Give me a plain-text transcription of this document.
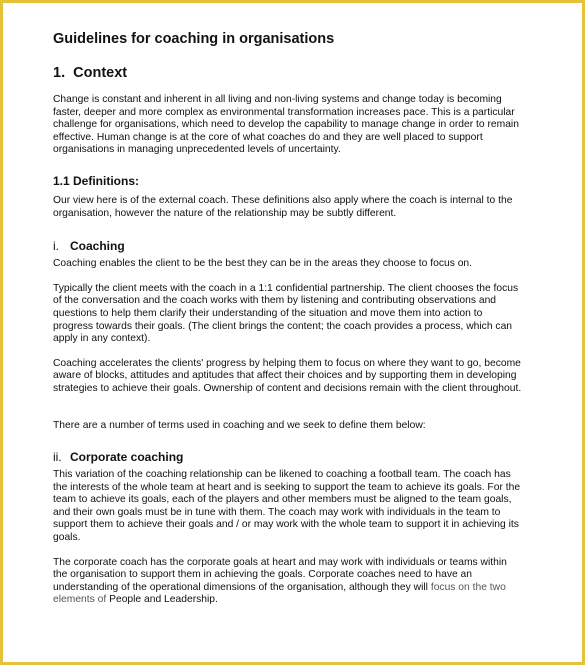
Guidelines for coaching in organisations
1. Context

Change is constant and inherent in all living and non-living systems and change today is becoming faster, deeper and more complex as environmental transformation increases pace. This is a particular challenge for organisations, which need to develop the capability to manage change in order to remain effective. Human change is at the core of what coaches do and they are well placed to support organisations in managing unprecedented levels of uncertainty.

1.1 Definitions:

Our view here is of the external coach. These definitions also apply where the coach is internal to the organisation, however the nature of the relationship may be subtly different.

i. Coaching

Coaching enables the client to be the best they can be in the areas they choose to focus on.

Typically the client meets with the coach in a 1:1 confidential partnership. The client chooses the focus of the conversation and the coach works with them by listening and contributing observations and questions to help them clarify their understanding of the situation and move them into action to progress towards their goals. (The client brings the content; the coach provides a process, which can apply in any context).

Coaching accelerates the clients' progress by helping them to focus on where they want to go, become aware of blocks, attitudes and aptitudes that affect their choices and by supporting them in developing strategies to achieve their goals. Ownership of content and decisions remain with the client throughout.

There are a number of terms used in coaching and we seek to define them below:

ii. Corporate coaching

This variation of the coaching relationship can be likened to coaching a football team. The coach has the interests of the whole team at heart and is seeking to support the team to achieve its goals. For the team to achieve its goals, each of the players and other members must be aligned to the team goals, and their own goals must be in tune with them. The coach may work with individuals in the team to support them to achieve their goals and / or may work with the whole team to support it in achieving its goals.

The corporate coach has the corporate goals at heart and may work with individuals or teams within the organisation to support them in achieving the goals. Corporate coaches need to have an understanding of the operational dimensions of the organisation, although they will focus on the two elements of People and Leadership.
